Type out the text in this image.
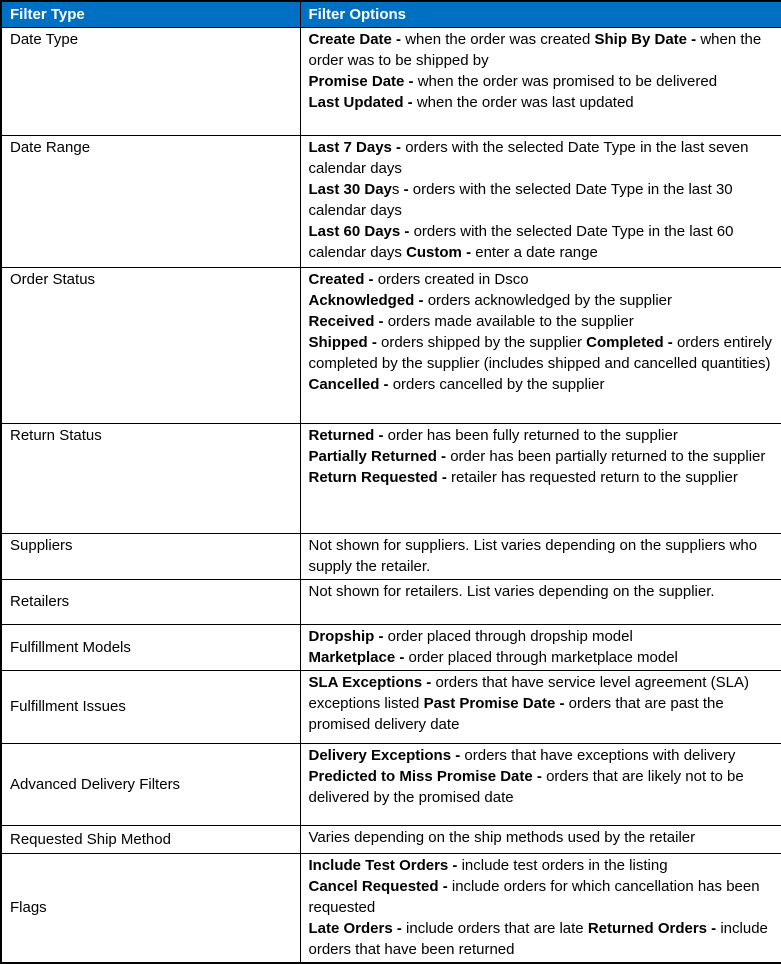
Filter Type	Filter Options
Date Type	Create Date - when the order was created Ship By Date - when the order was to be shipped by
Promise Date - when the order was promised to be delivered
Last Updated - when the order was last updated

Date Range	Last 7 Days - orders with the selected Date Type in the last seven calendar days
Last 30 Days - orders with the selected Date Type in the last 30 calendar days
Last 60 Days - orders with the selected Date Type in the last 60 calendar days Custom - enter a date range

Order Status	Created - orders created in Dsco
Acknowledged - orders acknowledged by the supplier
Received - orders made available to the supplier
Shipped - orders shipped by the supplier Completed - orders entirely completed by the supplier (includes shipped and cancelled quantities)
Cancelled - orders cancelled by the supplier

Return Status	Returned - order has been fully returned to the supplier
Partially Returned - order has been partially returned to the supplier
Return Requested - retailer has requested return to the supplier

Suppliers	Not shown for suppliers. List varies depending on the suppliers who supply the retailer.

Retailers	Not shown for retailers. List varies depending on the supplier.

Fulfillment Models	Dropship - order placed through dropship model
Marketplace - order placed through marketplace model

Fulfillment Issues	SLA Exceptions - orders that have service level agreement (SLA) exceptions listed Past Promise Date - orders that are past the promised delivery date

Advanced Delivery Filters	Delivery Exceptions - orders that have exceptions with delivery
Predicted to Miss Promise Date - orders that are likely not to be delivered by the promised date

Requested Ship Method	Varies depending on the ship methods used by the retailer

Flags	Include Test Orders - include test orders in the listing
Cancel Requested - include orders for which cancellation has been requested
Late Orders - include orders that are late Returned Orders - include orders that have been returned
